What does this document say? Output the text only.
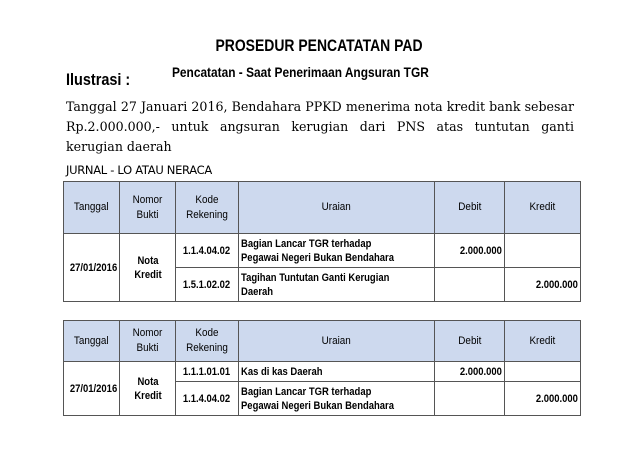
PROSEDUR PENCATATAN PAD
Ilustrasi :	Pencatatan - Saat Penerimaan Angsuran TGR
Tanggal 27 Januari 2016, Bendahara PPKD menerima nota kredit bank sebesar Rp.2.000.000,- untuk angsuran kerugian dari PNS atas tuntutan ganti kerugian daerah
JURNAL - LO ATAU NERACA
Tanggal	Nomor Bukti	Kode Rekening	Uraian	Debit	Kredit
27/01/2016	Nota Kredit	1.1.4.04.02	Bagian Lancar TGR terhadap
Pegawai Negeri Bukan Bendahara	2.000.000	
		1.5.1.02.02	Tagihan Tuntutan Ganti Kerugian
Daerah		2.000.000
Tanggal	Nomor Bukti	Kode Rekening	Uraian	Debit	Kredit
27/01/2016	Nota Kredit	1.1.1.01.01	Kas di kas Daerah	2.000.000	
		1.1.4.04.02	Bagian Lancar TGR terhadap
Pegawai Negeri Bukan Bendahara		2.000.000
